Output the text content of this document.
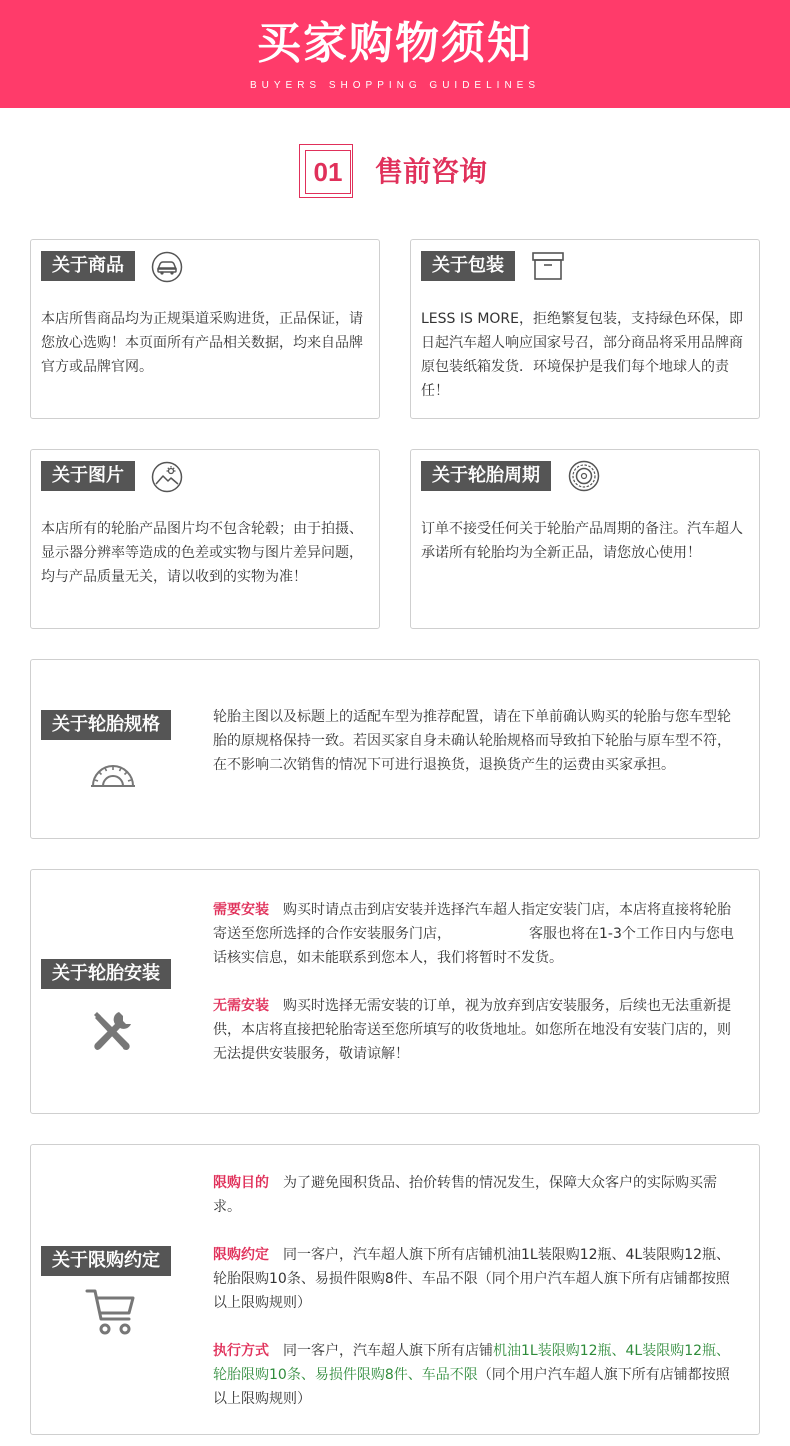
买家购物须知
BUYERS SHOPPING GUIDELINES
01	售前咨询
关于商品
本店所售商品均为正规渠道采购进货，正品保证，请您放心选购！本页面所有产品相关数据，均来自品牌官方或品牌官网。
关于包装
LESS IS MORE，拒绝繁复包装，支持绿色环保，即日起汽车超人响应国家号召，部分商品将采用品牌商原包装纸箱发货．环境保护是我们每个地球人的责任！
关于图片
本店所有的轮胎产品图片均不包含轮毂；由于拍摄、显示器分辨率等造成的色差或实物与图片差异问题，均与产品质量无关，请以收到的实物为准！
关于轮胎周期
订单不接受任何关于轮胎产品周期的备注。汽车超人承诺所有轮胎均为全新正品，请您放心使用！
关于轮胎规格	轮胎主图以及标题上的适配车型为推荐配置，请在下单前确认购买的轮胎与您车型轮胎的原规格保持一致。若因买家自身未确认轮胎规格而导致拍下轮胎与原车型不符，在不影响二次销售的情况下可进行退换货，退换货产生的运费由买家承担。
关于轮胎安装

需要安装 购买时请点击到店安装并选择汽车超人指定安装门店，本店将直接将轮胎寄送至您所选择的合作安装服务门店，	客服也将在1-3个工作日内与您电话核实信息，如未能联系到您本人，我们将暂时不发货。

无需安装 购买时选择无需安装的订单，视为放弃到店安装服务，后续也无法重新提供，本店将直接把轮胎寄送至您所填写的收货地址。如您所在地没有安装门店的，则无法提供安装服务，敬请谅解！

关于限购约定

限购目的 为了避免囤积货品、抬价转售的情况发生，保障大众客户的实际购买需求。

限购约定 同一客户，汽车超人旗下所有店铺机油1L装限购12瓶、4L装限购12瓶、轮胎限购10条、易损件限购8件、车品不限（同个用户汽车超人旗下所有店铺都按照以上限购规则）

执行方式 同一客户，汽车超人旗下所有店铺机油1L装限购12瓶、4L装限购12瓶、轮胎限购10条、易损件限购8件、车品不限（同个用户汽车超人旗下所有店铺都按照以上限购规则）
